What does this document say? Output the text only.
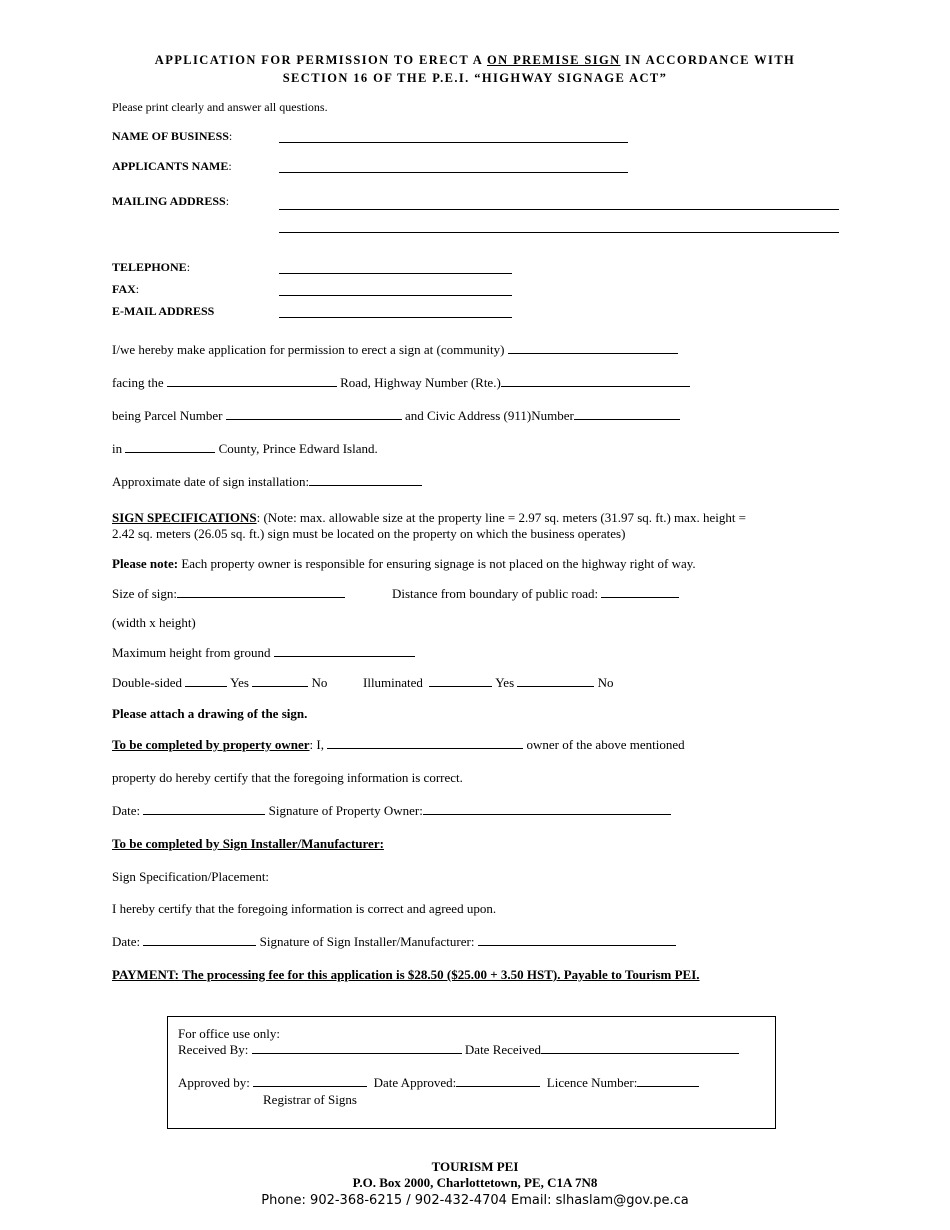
APPLICATION FOR PERMISSION TO ERECT A ON PREMISE SIGN IN ACCORDANCE WITH
SECTION 16 OF THE P.E.I. “HIGHWAY SIGNAGE ACT”
Please print clearly and answer all questions.
NAME OF BUSINESS:
APPLICANTS NAME:
MAILING ADDRESS:
TELEPHONE:
FAX:
E-MAIL ADDRESS
I/we hereby make application for permission to erect a sign at (community)
facing the	Road, Highway Number (Rte.)
being Parcel Number	and Civic Address (911)Number
in	County, Prince Edward Island.
Approximate date of sign installation:
SIGN SPECIFICATIONS: (Note: max. allowable size at the property line = 2.97 sq. meters (31.97 sq. ft.) max. height =
2.42 sq. meters (26.05 sq. ft.) sign must be located on the property on which the business operates)
Please note: Each property owner is responsible for ensuring signage is not placed on the highway right of way.
Size of sign:	Distance from boundary of public road:
(width x height)
Maximum height from ground
Double-sided	Yes	No	Illuminated	Yes	No
Please attach a drawing of the sign.
To be completed by property owner: I,	owner of the above mentioned
property do hereby certify that the foregoing information is correct.
Date:	Signature of Property Owner:
To be completed by Sign Installer/Manufacturer:
Sign Specification/Placement:
I hereby certify that the foregoing information is correct and agreed upon.
Date:	Signature of Sign Installer/Manufacturer:
PAYMENT: The processing fee for this application is $28.50 ($25.00 + 3.50 HST). Payable to Tourism PEI.
For office use only:
Received By:	Date Received
Approved by:	Date Approved:	Licence Number:
Registrar of Signs
TOURISM PEI
P.O. Box 2000, Charlottetown, PE, C1A 7N8
Phone: 902-368-6215 / 902-432-4704 Email: slhaslam@gov.pe.ca
